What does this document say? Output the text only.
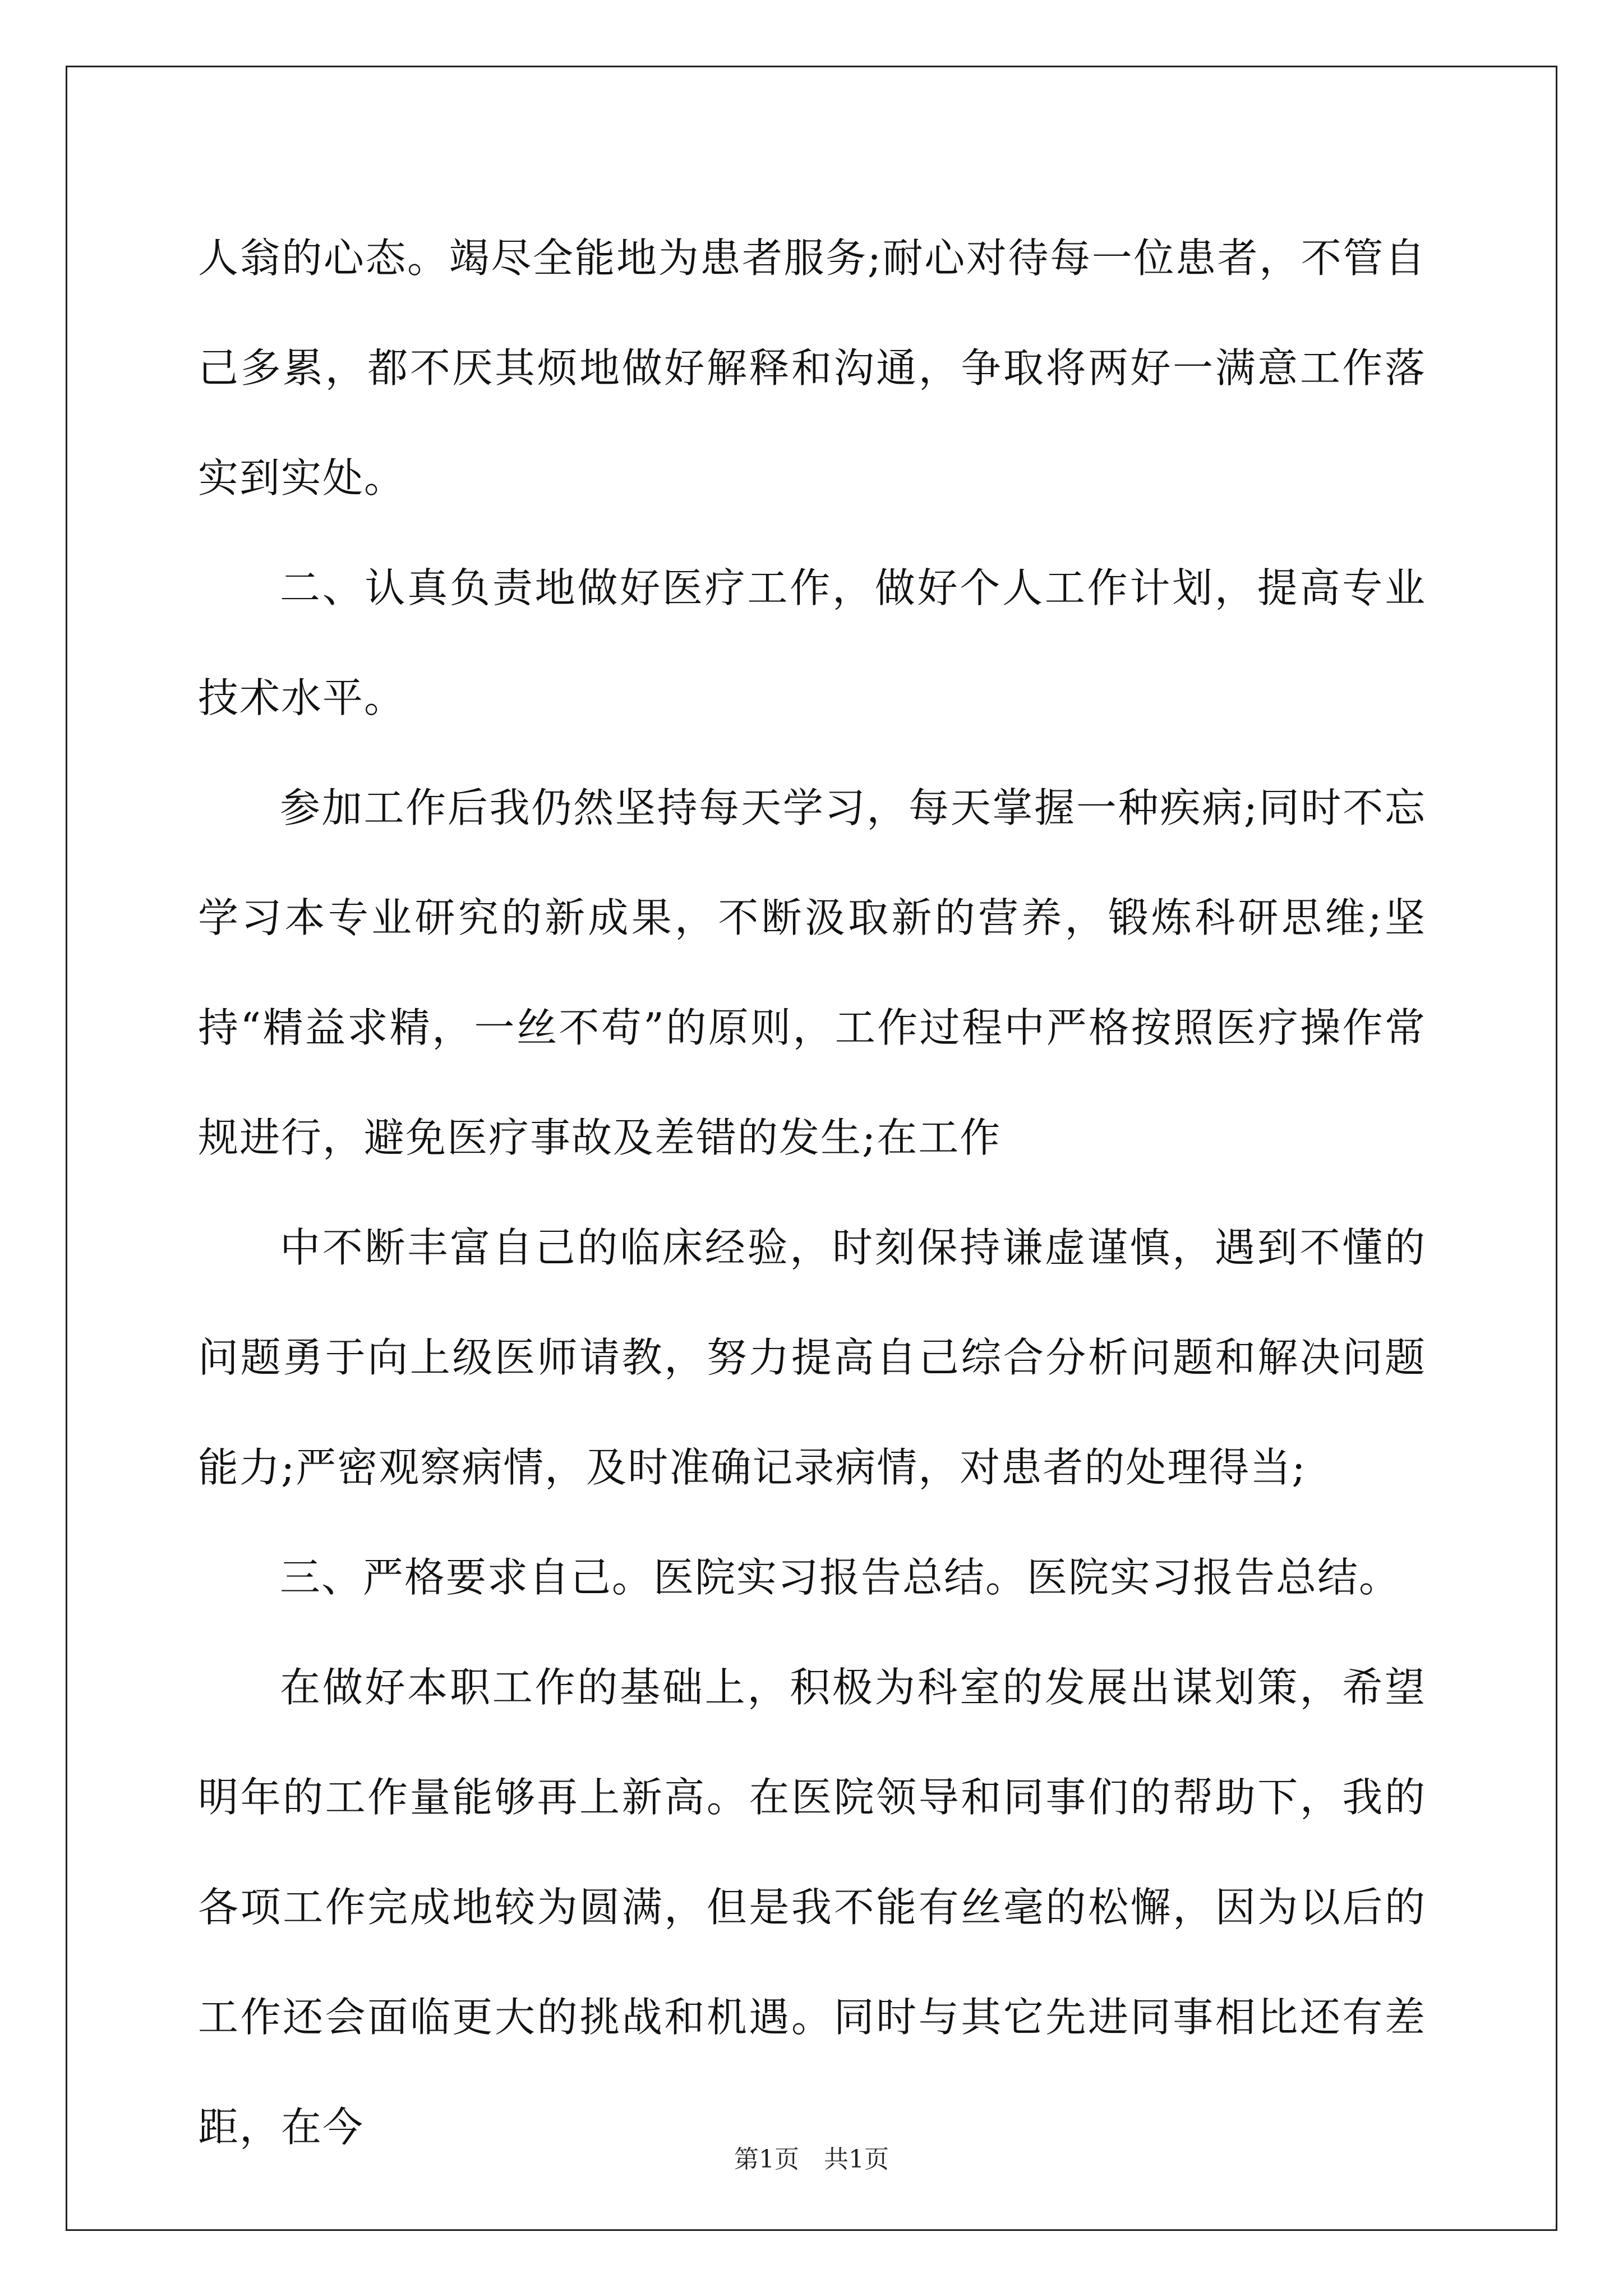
人翁的心态。竭尽全能地为患者服务;耐心对待每一位患者，不管自己多累，都不厌其烦地做好解释和沟通，争取将两好一满意工作落实到实处。

二、认真负责地做好医疗工作，做好个人工作计划，提高专业技术水平。

参加工作后我仍然坚持每天学习，每天掌握一种疾病;同时不忘学习本专业研究的新成果，不断汲取新的营养，锻炼科研思维;坚持“精益求精，一丝不苟”的原则，工作过程中严格按照医疗操作常规进行，避免医疗事故及差错的发生;在工作

中不断丰富自己的临床经验，时刻保持谦虚谨慎，遇到不懂的问题勇于向上级医师请教，努力提高自己综合分析问题和解决问题能力;严密观察病情，及时准确记录病情，对患者的处理得当;

三、严格要求自己。医院实习报告总结。医院实习报告总结。

在做好本职工作的基础上，积极为科室的发展出谋划策，希望明年的工作量能够再上新高。在医院领导和同事们的帮助下，我的各项工作完成地较为圆满，但是我不能有丝毫的松懈，因为以后的工作还会面临更大的挑战和机遇。同时与其它先进同事相比还有差距，在今

第1页　共1页
